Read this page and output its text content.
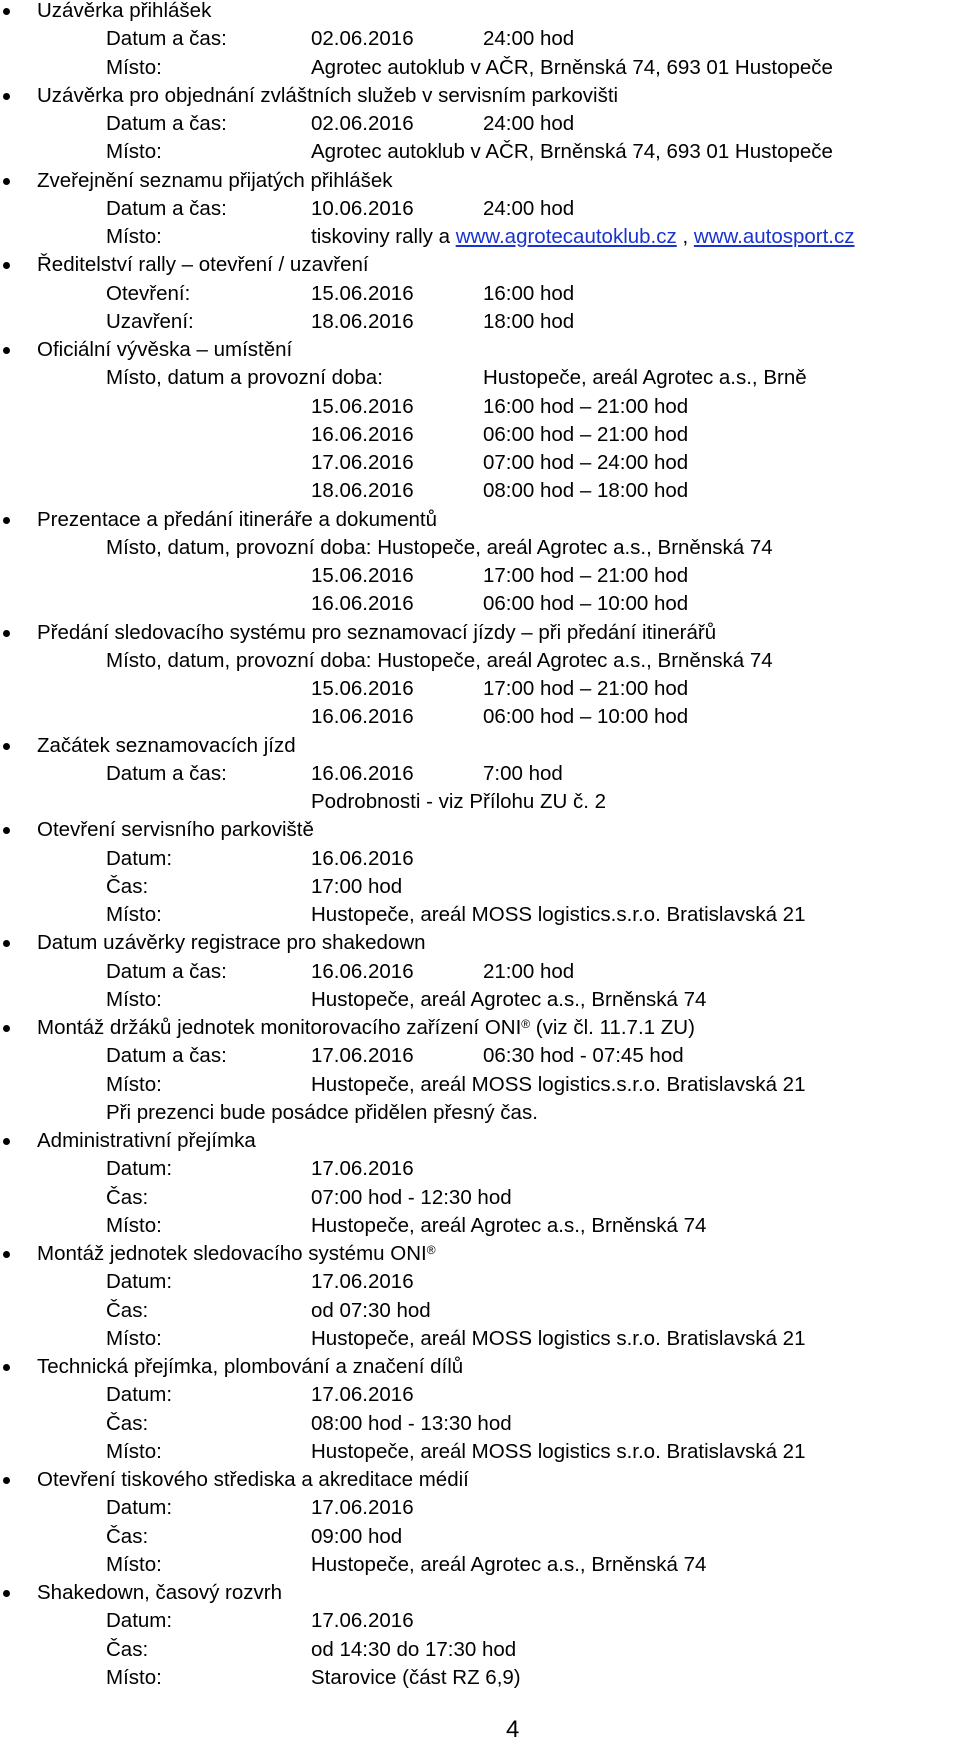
Uzávěrka přihlášek
Datum a čas:	02.06.2016	24:00 hod
Místo:	Agrotec autoklub v AČR, Brněnská 74, 693 01 Hustopeče
Uzávěrka pro objednání zvláštních služeb v servisním parkovišti
Datum a čas:	02.06.2016	24:00 hod
Místo:	Agrotec autoklub v AČR, Brněnská 74, 693 01 Hustopeče
Zveřejnění seznamu přijatých přihlášek
Datum a čas:	10.06.2016	24:00 hod
Místo:	tiskoviny rally a www.agrotecautoklub.cz , www.autosport.cz
Ředitelství rally – otevření / uzavření
Otevření:	15.06.2016	16:00 hod
Uzavření:	18.06.2016	18:00 hod
Oficiální vývěska – umístění
Místo, datum a provozní doba:	Hustopeče, areál Agrotec a.s., Brně
15.06.2016	16:00 hod – 21:00 hod
16.06.2016	06:00 hod – 21:00 hod
17.06.2016	07:00 hod – 24:00 hod
18.06.2016	08:00 hod – 18:00 hod
Prezentace a předání itineráře a dokumentů
Místo, datum, provozní doba: Hustopeče, areál Agrotec a.s., Brněnská 74
15.06.2016	17:00 hod – 21:00 hod
16.06.2016	06:00 hod – 10:00 hod
Předání sledovacího systému pro seznamovací jízdy – při předání itinerářů
Místo, datum, provozní doba: Hustopeče, areál Agrotec a.s., Brněnská 74
15.06.2016	17:00 hod – 21:00 hod
16.06.2016	06:00 hod – 10:00 hod
Začátek seznamovacích jízd
Datum a čas:	16.06.2016	7:00 hod
Podrobnosti - viz Přílohu ZU č. 2
Otevření servisního parkoviště
Datum:	16.06.2016
Čas:	17:00 hod
Místo:	Hustopeče, areál MOSS logistics.s.r.o. Bratislavská 21
Datum uzávěrky registrace pro shakedown
Datum a čas:	16.06.2016	21:00 hod
Místo:	Hustopeče, areál Agrotec a.s., Brněnská 74
Montáž držáků jednotek monitorovacího zařízení ONI® (viz čl. 11.7.1 ZU)
Datum a čas:	17.06.2016	06:30 hod - 07:45 hod
Místo:	Hustopeče, areál MOSS logistics.s.r.o. Bratislavská 21
Při prezenci bude posádce přidělen přesný čas.
Administrativní přejímka
Datum:	17.06.2016
Čas:	07:00 hod - 12:30 hod
Místo:	Hustopeče, areál Agrotec a.s., Brněnská 74
Montáž jednotek sledovacího systému ONI®
Datum:	17.06.2016
Čas:	od 07:30 hod
Místo:	Hustopeče, areál MOSS logistics s.r.o. Bratislavská 21
Technická přejímka, plombování a značení dílů
Datum:	17.06.2016
Čas:	08:00 hod - 13:30 hod
Místo:	Hustopeče, areál MOSS logistics s.r.o. Bratislavská 21
Otevření tiskového střediska a akreditace médií
Datum:	17.06.2016
Čas:	09:00 hod
Místo:	Hustopeče, areál Agrotec a.s., Brněnská 74
Shakedown, časový rozvrh
Datum:	17.06.2016
Čas:	od 14:30 do 17:30 hod
Místo:	Starovice (část RZ 6,9)
4
